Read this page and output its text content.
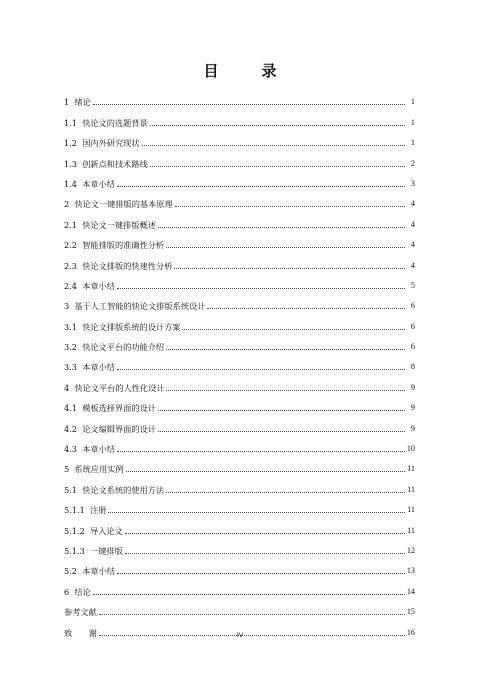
目　录
1  绪论	1
1.1  快论文的选题背景	1
1.2  国内外研究现状	1
1.3  创新点和技术路线	2
1.4  本章小结	3
2  快论文一键排版的基本原理	4
2.1  快论文一键排版概述	4
2.2  智能排版的准确性分析	4
2.3  快论文排版的快速性分析	4
2.4  本章小结	5
3  基于人工智能的快论文排版系统设计	6
3.1  快论文排版系统的设计方案	6
3.2  快论文平台的功能介绍	6
3.3  本章小结	8
4  快论文平台的人性化设计	9
4.1  模板选择界面的设计	9
4.2  论文编辑界面的设计	9
4.3  本章小结	10
5  系统应用实例	11
5.1  快论文系统的使用方法	11
5.1.1  注册	11
5.1.2  导入论文	11
5.1.3  一键排版	12
5.2  本章小结	13
6  结论	14
参考文献	15
致　　谢	16
IV
